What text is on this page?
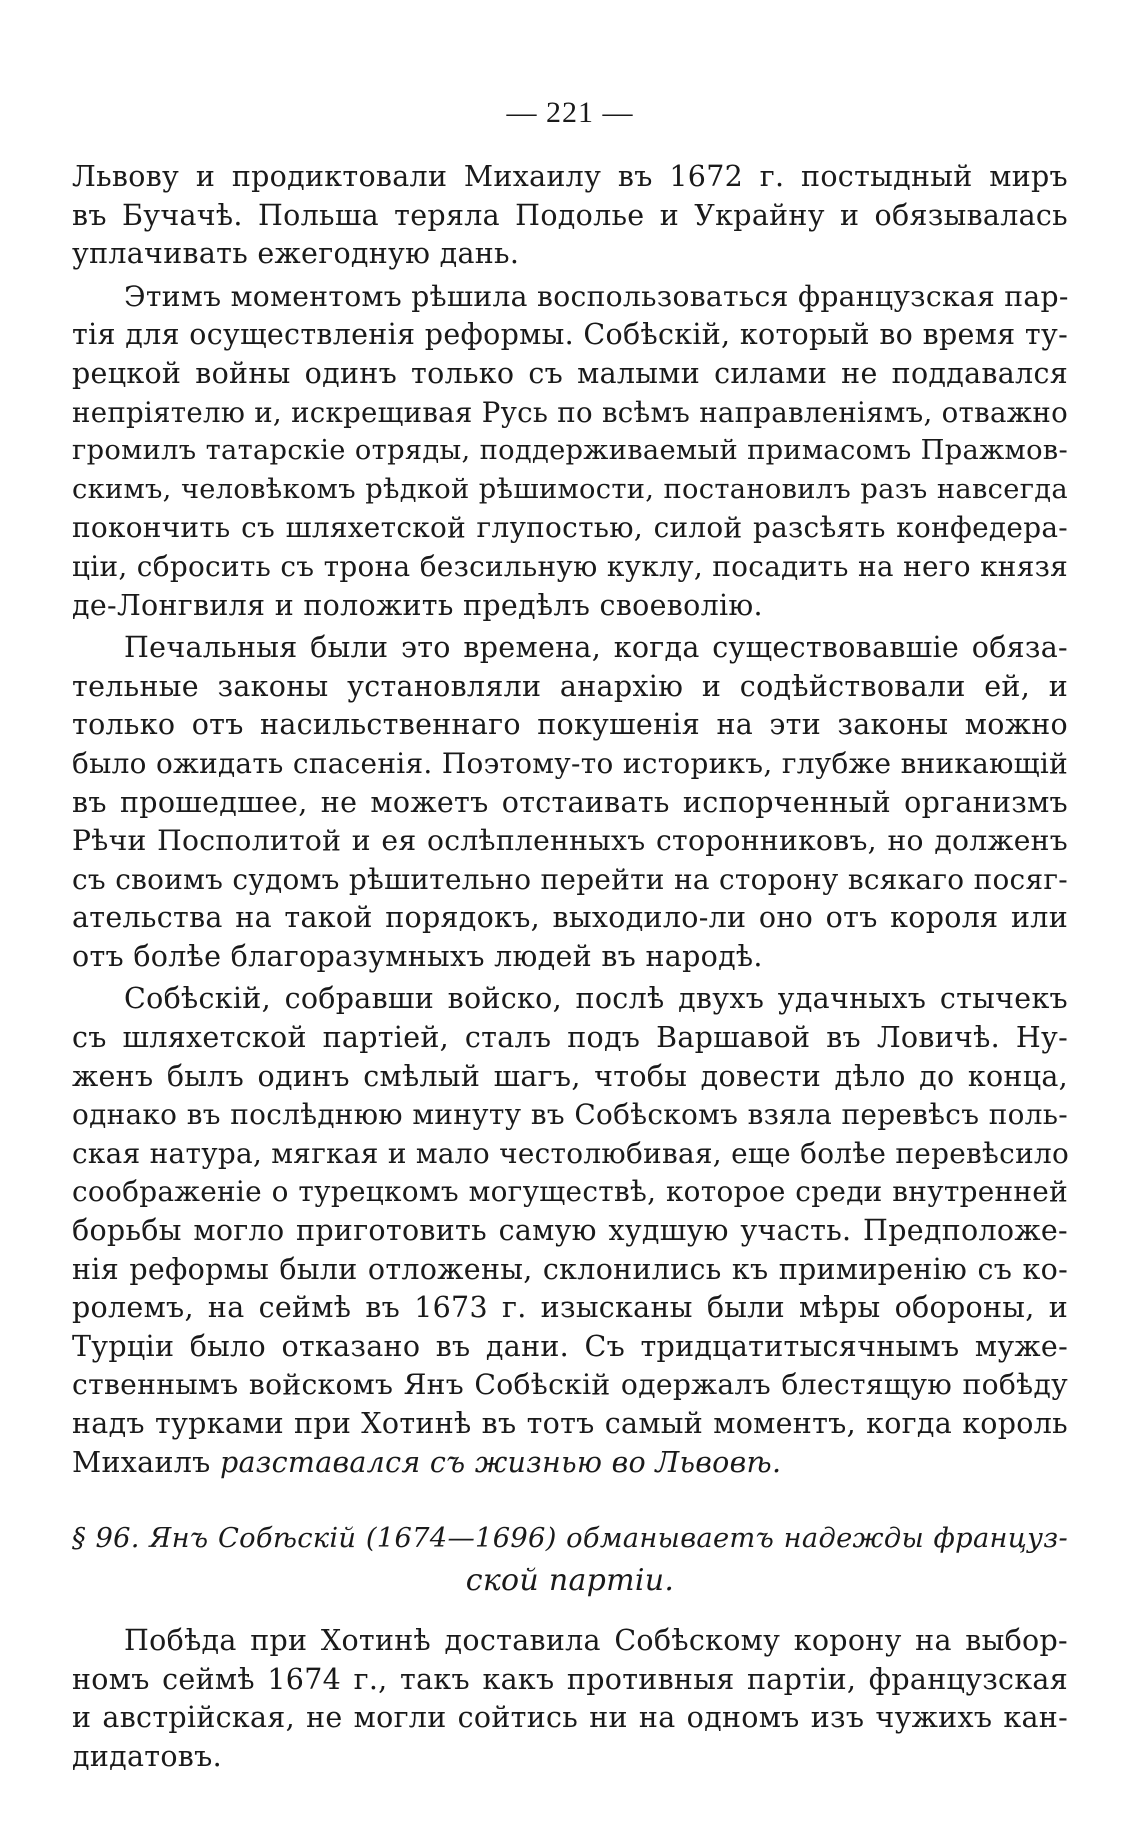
— 221 —
Львову и продиктовали Михаилу въ 1672 г. постыдный миръ
въ Бучачѣ. Польша теряла Подолье и Украйну и обязывалась
уплачивать ежегодную дань.
Этимъ моментомъ рѣшила воспользоваться французская пар-
тія для осуществленія реформы. Собѣскій, который во время ту-
рецкой войны одинъ только съ малыми силами не поддавался
непріятелю и, искрещивая Русь по всѣмъ направленіямъ, отважно
громилъ татарскіе отряды, поддерживаемый примасомъ Пражмов-
скимъ, человѣкомъ рѣдкой рѣшимости, постановилъ разъ навсегда
покончить съ шляхетской глупостью, силой разсѣять конфедера-
ціи, сбросить съ трона безсильную куклу, посадить на него князя
де-Лонгвиля и положить предѣлъ своеволію.
Печальныя были это времена, когда существовавшіе обяза-
тельные законы установляли анархію и содѣйствовали ей, и
только отъ насильственнаго покушенія на эти законы можно
было ожидать спасенія. Поэтому-то историкъ, глубже вникающій
въ прошедшее, не можетъ отстаивать испорченный организмъ
Рѣчи Посполитой и ея ослѣпленныхъ сторонниковъ, но долженъ
съ своимъ судомъ рѣшительно перейти на сторону всякаго посяг-
ательства на такой порядокъ, выходило-ли оно отъ короля или
отъ болѣе благоразумныхъ людей въ народѣ.
Собѣскій, собравши войско, послѣ двухъ удачныхъ стычекъ
съ шляхетской партіей, сталъ подъ Варшавой въ Ловичѣ. Ну-
женъ былъ одинъ смѣлый шагъ, чтобы довести дѣло до конца,
однако въ послѣднюю минуту въ Собѣскомъ взяла перевѣсъ поль-
ская натура, мягкая и мало честолюбивая, еще болѣе перевѣсило
соображеніе о турецкомъ могуществѣ, которое среди внутренней
борьбы могло приготовить самую худшую участь. Предположе-
нія реформы были отложены, склонились къ примиренію съ ко-
ролемъ, на сеймѣ въ 1673 г. изысканы были мѣры обороны, и
Турціи было отказано въ дани. Съ тридцатитысячнымъ муже-
ственнымъ войскомъ Янъ Собѣскій одержалъ блестящую побѣду
надъ турками при Хотинѣ въ тотъ самый моментъ, когда король
Михаилъ разставался съ жизнью во Львовѣ.
§ 96. Янъ Собѣскій (1674—1696) обманываетъ надежды француз-
ской партіи.
Побѣда при Хотинѣ доставила Собѣскому корону на выбор-
номъ сеймѣ 1674 г., такъ какъ противныя партіи, французская
и австрійская, не могли сойтись ни на одномъ изъ чужихъ кан-
дидатовъ.
